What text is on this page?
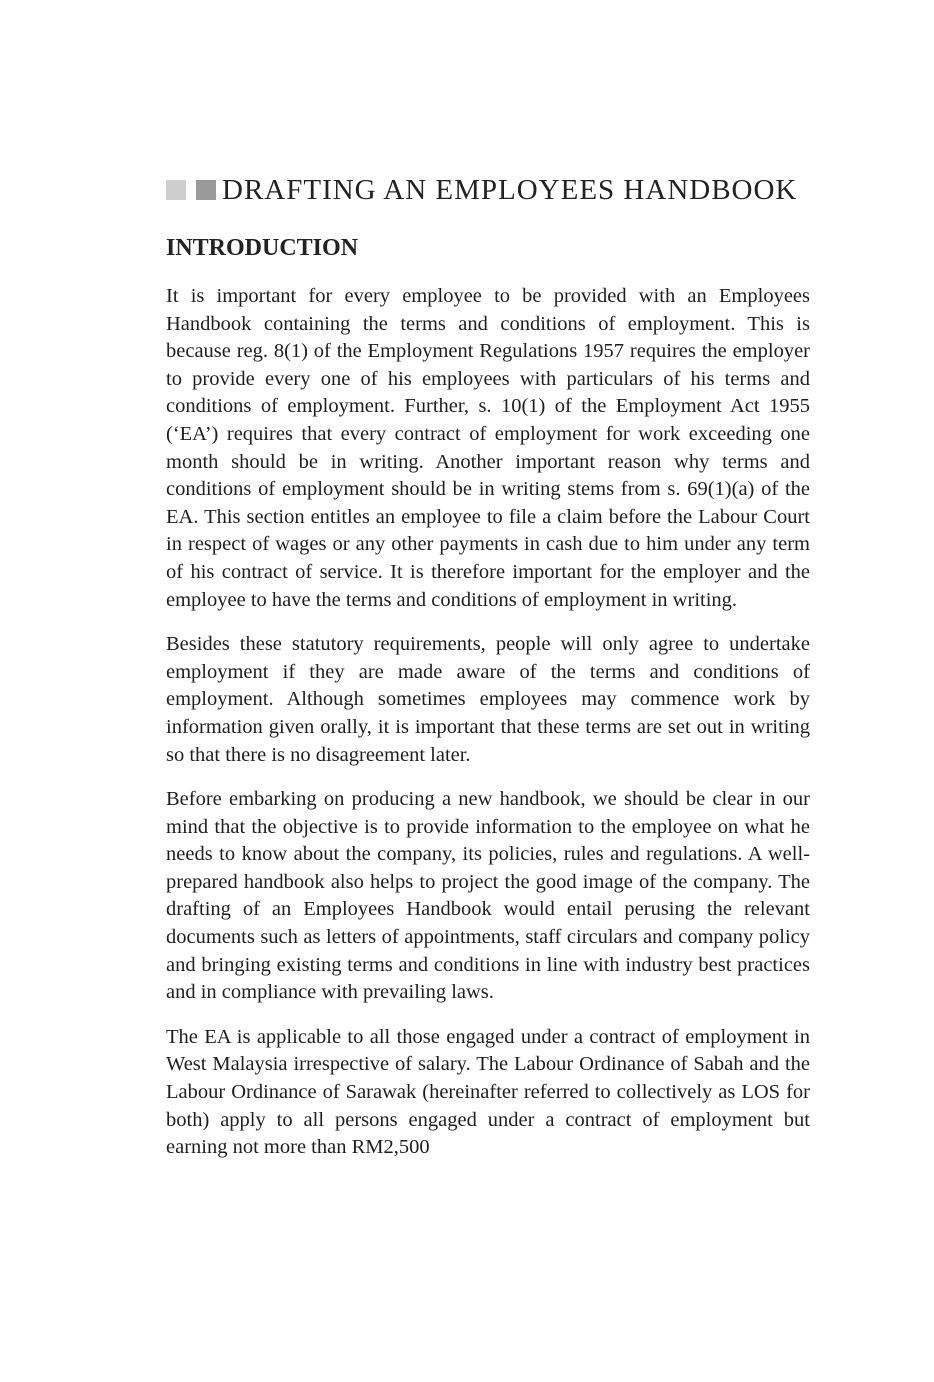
DRAFTING AN EMPLOYEES HANDBOOK
INTRODUCTION

It is important for every employee to be provided with an Employees Handbook containing the terms and conditions of employment. This is because reg. 8(1) of the Employment Regulations 1957 requires the employer to provide every one of his employees with particulars of his terms and conditions of employment. Further, s. 10(1) of the Employment Act 1955 (‘EA’) requires that every contract of employment for work exceeding one month should be in writing. Another important reason why terms and conditions of employment should be in writing stems from s. 69(1)(a) of the EA. This section entitles an employee to file a claim before the Labour Court in respect of wages or any other payments in cash due to him under any term of his contract of service. It is therefore important for the employer and the employee to have the terms and conditions of employment in writing.

Besides these statutory requirements, people will only agree to undertake employment if they are made aware of the terms and conditions of employment. Although sometimes employees may commence work by information given orally, it is important that these terms are set out in writing so that there is no disagreement later.

Before embarking on producing a new handbook, we should be clear in our mind that the objective is to provide information to the employee on what he needs to know about the company, its policies, rules and regulations. A well-prepared handbook also helps to project the good image of the company. The drafting of an Employees Handbook would entail perusing the relevant documents such as letters of appointments, staff circulars and company policy and bringing existing terms and conditions in line with industry best practices and in compliance with prevailing laws.

The EA is applicable to all those engaged under a contract of employment in West Malaysia irrespective of salary. The Labour Ordinance of Sabah and the Labour Ordinance of Sarawak (hereinafter referred to collectively as LOS for both) apply to all persons engaged under a contract of employment but earning not more than RM2,500
